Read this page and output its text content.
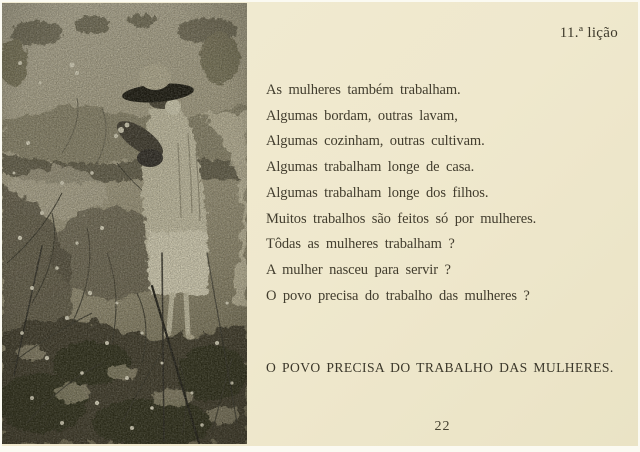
11.ª lição

As mulheres também trabalham.

Algumas bordam, outras lavam,

Algumas cozinham, outras cultivam.

Algumas trabalham longe de casa.

Algumas trabalham longe dos filhos.

Muitos trabalhos são feitos só por mulheres.

Tôdas as mulheres trabalham ?

A mulher nasceu para servir ?

O povo precisa do trabalho das mulheres ?

O POVO PRECISA DO TRABALHO DAS MULHERES.
22
